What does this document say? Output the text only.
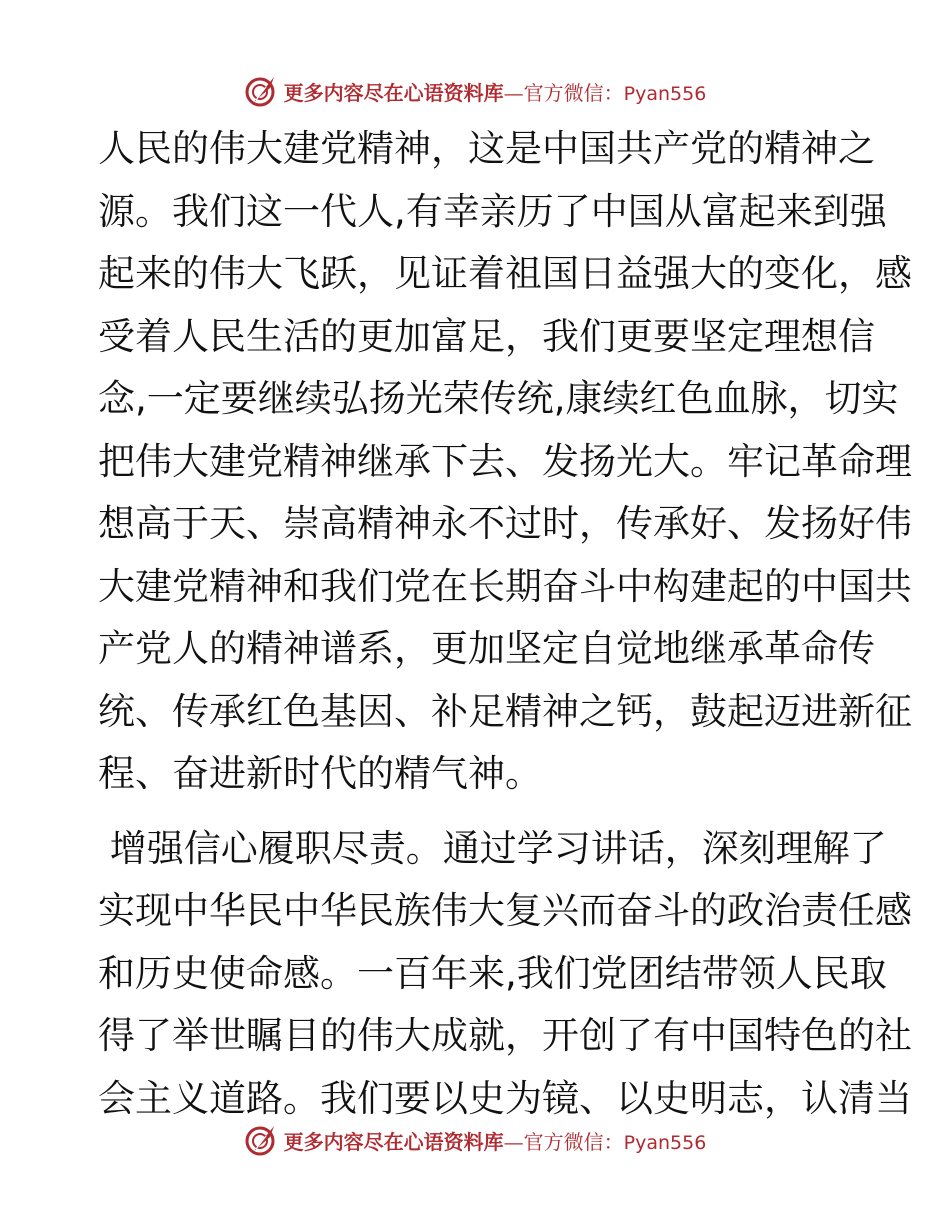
更多内容尽在心语资料库—官方微信：Pyan556

人民的伟大建党精神，这是中国共产党的精神之
源。我们这一代人,有幸亲历了中国从富起来到强
起来的伟大飞跃，见证着祖国日益强大的变化，感
受着人民生活的更加富足，我们更要坚定理想信
念,一定要继续弘扬光荣传统,康续红色血脉，切实
把伟大建党精神继承下去、发扬光大。牢记革命理
想高于天、崇高精神永不过时，传承好、发扬好伟
大建党精神和我们党在长期奋斗中构建起的中国共
产党人的精神谱系，更加坚定自觉地继承革命传
统、传承红色基因、补足精神之钙，鼓起迈进新征
程、奋进新时代的精气神。

增强信心履职尽责。通过学习讲话，深刻理解了
实现中华民中华民族伟大复兴而奋斗的政治责任感
和历史使命感。一百年来,我们党团结带领人民取
得了举世瞩目的伟大成就，开创了有中国特色的社
会主义道路。我们要以史为镜、以史明志，认清当

更多内容尽在心语资料库—官方微信：Pyan556
